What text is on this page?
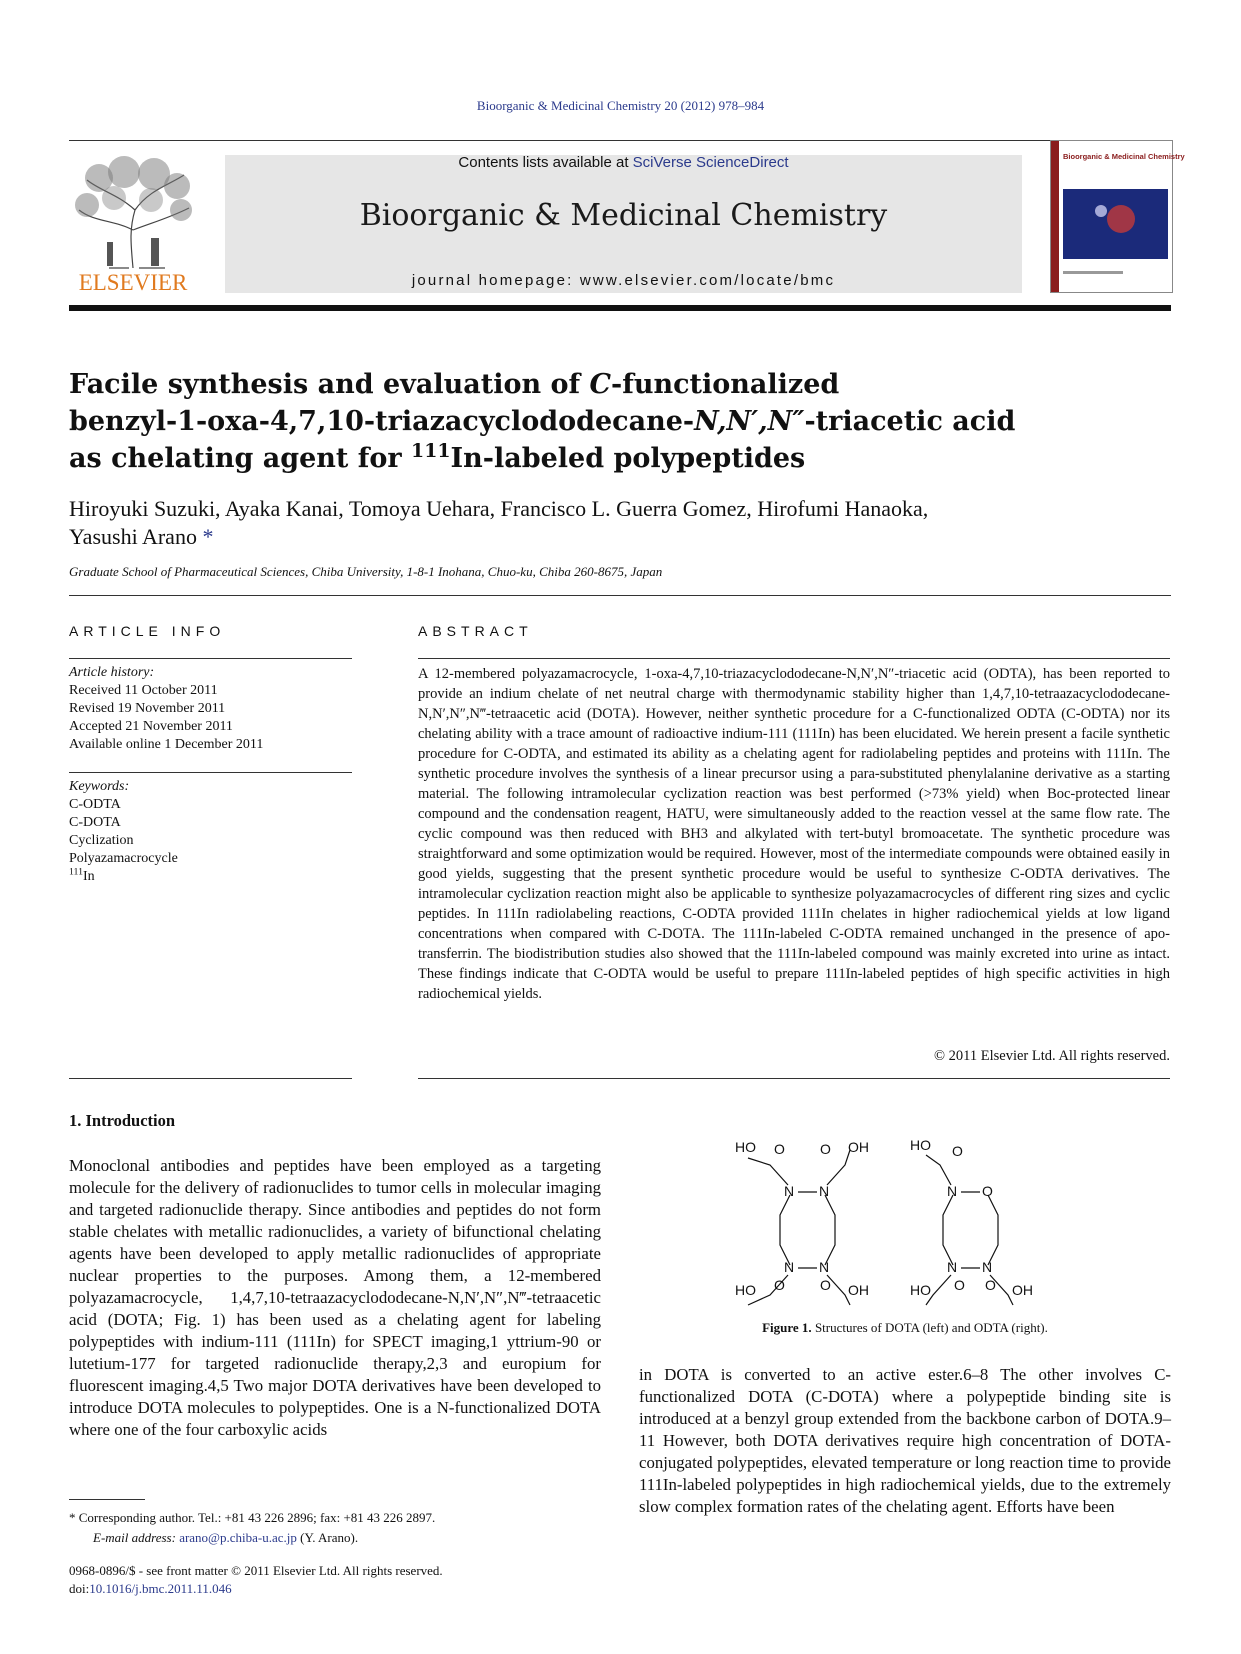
Bioorganic & Medicinal Chemistry 20 (2012) 978–984
ELSEVIER
Contents lists available at SciVerse ScienceDirect
Bioorganic & Medicinal Chemistry
journal homepage: www.elsevier.com/locate/bmc
Bioorganic & Medicinal Chemistry
Facile synthesis and evaluation of C-functionalized
benzyl-1-oxa-4,7,10-triazacyclododecane-N,N′,N″-triacetic acid
as chelating agent for $^{111}$In-labeled polypeptides
Hiroyuki Suzuki, Ayaka Kanai, Tomoya Uehara, Francisco L. Guerra Gomez, Hirofumi Hanaoka,
Yasushi Arano *
Graduate School of Pharmaceutical Sciences, Chiba University, 1-8-1 Inohana, Chuo-ku, Chiba 260-8675, Japan
ARTICLE INFO
Article history:
Received 11 October 2011
Revised 19 November 2011
Accepted 21 November 2011
Available online 1 December 2011
Keywords:
C-ODTA
C-DOTA
Cyclization
Polyazamacrocycle
$^{111}$In
ABSTRACT
A 12-membered polyazamacrocycle, 1-oxa-4,7,10-triazacyclododecane-N,N′,N″-triacetic acid (ODTA), has been reported to provide an indium chelate of net neutral charge with thermodynamic stability higher than 1,4,7,10-tetraazacyclododecane-N,N′,N″,N‴-tetraacetic acid (DOTA). However, neither synthetic procedure for a C-functionalized ODTA (C-ODTA) nor its chelating ability with a trace amount of radioactive indium-111 (111In) has been elucidated. We herein present a facile synthetic procedure for C-ODTA, and estimated its ability as a chelating agent for radiolabeling peptides and proteins with 111In. The synthetic procedure involves the synthesis of a linear precursor using a para-substituted phenylalanine derivative as a starting material. The following intramolecular cyclization reaction was best performed (>73% yield) when Boc-protected linear compound and the condensation reagent, HATU, were simultaneously added to the reaction vessel at the same flow rate. The cyclic compound was then reduced with BH3 and alkylated with tert-butyl bromoacetate. The synthetic procedure was straightforward and some optimization would be required. However, most of the intermediate compounds were obtained easily in good yields, suggesting that the present synthetic procedure would be useful to synthesize C-ODTA derivatives. The intramolecular cyclization reaction might also be applicable to synthesize polyazamacrocycles of different ring sizes and cyclic peptides. In 111In radiolabeling reactions, C-ODTA provided 111In chelates in higher radiochemical yields at low ligand concentrations when compared with C-DOTA. The 111In-labeled C-ODTA remained unchanged in the presence of apo-transferrin. The biodistribution studies also showed that the 111In-labeled compound was mainly excreted into urine as intact. These findings indicate that C-ODTA would be useful to prepare 111In-labeled peptides of high specific activities in high radiochemical yields.
© 2011 Elsevier Ltd. All rights reserved.
1. Introduction
Monoclonal antibodies and peptides have been employed as a targeting molecule for the delivery of radionuclides to tumor cells in molecular imaging and targeted radionuclide therapy. Since antibodies and peptides do not form stable chelates with metallic radionuclides, a variety of bifunctional chelating agents have been developed to apply metallic radionuclides of appropriate nuclear properties to the purposes. Among them, a 12-membered polyazamacrocycle, 1,4,7,10-tetraazacyclododecane-N,N′,N″,N‴-tetraacetic acid (DOTA; Fig. 1) has been used as a chelating agent for labeling polypeptides with indium-111 (111In) for SPECT imaging,1 yttrium-90 or lutetium-177 for targeted radionuclide therapy,2,3 and europium for fluorescent imaging.4,5 Two major DOTA derivatives have been developed to introduce DOTA molecules to polypeptides. One is a N-functionalized DOTA where one of the four carboxylic acids
N N
N N
HO O	O OH
HO O	O OH
N O
N N
HO O
HO O O OH
Figure 1. Structures of DOTA (left) and ODTA (right).
in DOTA is converted to an active ester.6–8 The other involves C-functionalized DOTA (C-DOTA) where a polypeptide binding site is introduced at a benzyl group extended from the backbone carbon of DOTA.9–11 However, both DOTA derivatives require high concentration of DOTA-conjugated polypeptides, elevated temperature or long reaction time to provide 111In-labeled polypeptides in high radiochemical yields, due to the extremely slow complex formation rates of the chelating agent. Efforts have been
* Corresponding author. Tel.: +81 43 226 2896; fax: +81 43 226 2897.
E-mail address: arano@p.chiba-u.ac.jp (Y. Arano).
0968-0896/$ - see front matter © 2011 Elsevier Ltd. All rights reserved.
doi:10.1016/j.bmc.2011.11.046
